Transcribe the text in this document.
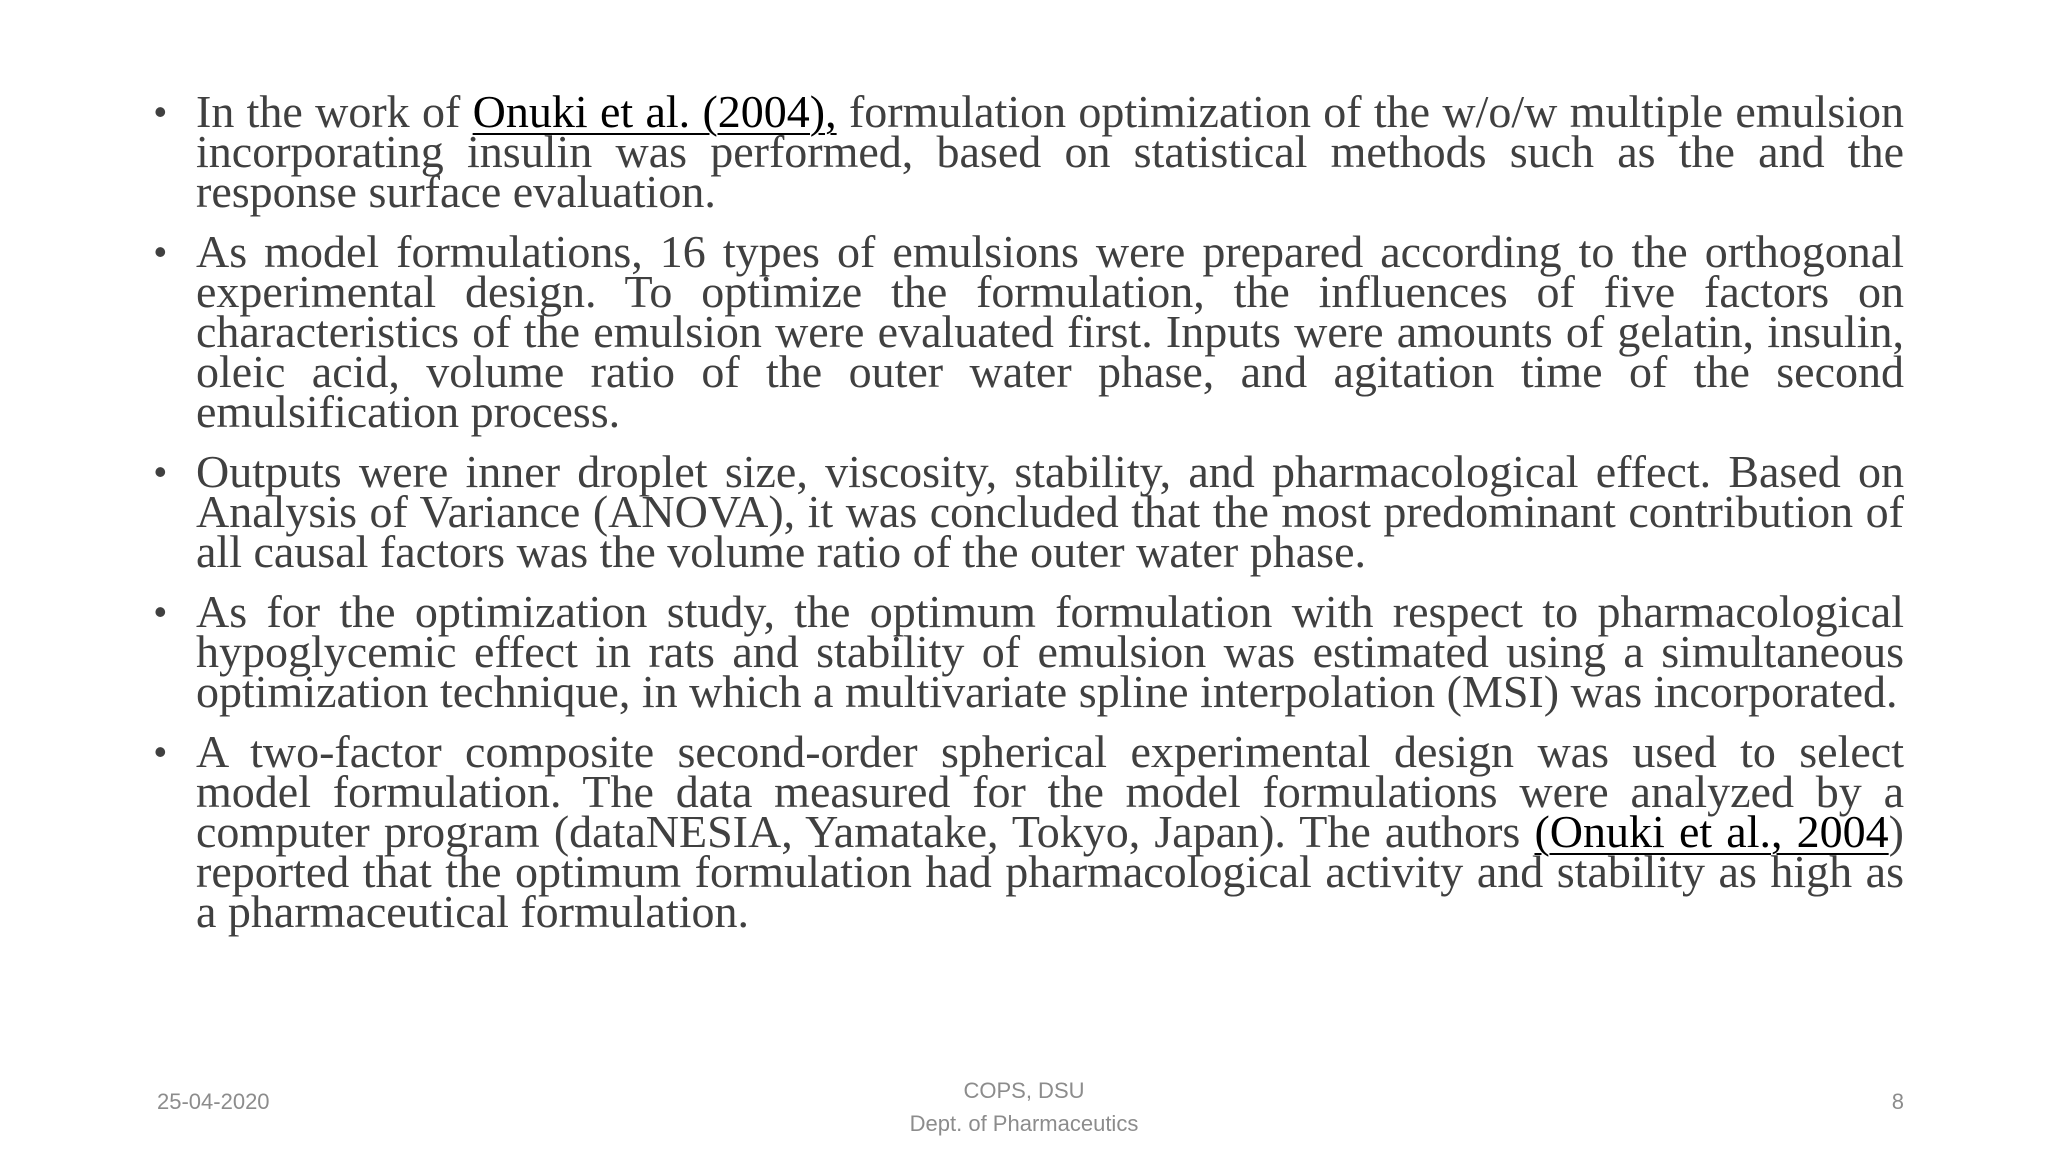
• In the work of Onuki et al. (2004), formulation optimization of the w/o/w multiple emulsion incorporating insulin was performed, based on statistical methods such as the and the response surface evaluation.
• As model formulations, 16 types of emulsions were prepared according to the orthogonal experimental design. To optimize the formulation, the influences of five factors on characteristics of the emulsion were evaluated first. Inputs were amounts of gelatin, insulin, oleic acid, volume ratio of the outer water phase, and agitation time of the second emulsification process.
• Outputs were inner droplet size, viscosity, stability, and pharmacological effect. Based on Analysis of Variance (ANOVA), it was concluded that the most predominant contribution of all causal factors was the volume ratio of the outer water phase.
• As for the optimization study, the optimum formulation with respect to pharmacological hypoglycemic effect in rats and stability of emulsion was estimated using a simultaneous optimization technique, in which a multivariate spline interpolation (MSI) was incorporated.
• A two-factor composite second-order spherical experimental design was used to select model formulation. The data measured for the model formulations were analyzed by a computer program (dataNESIA, Yamatake, Tokyo, Japan). The authors (Onuki et al., 2004) reported that the optimum formulation had pharmacological activity and stability as high as a pharmaceutical formulation.
25-04-2020	COPS, DSU
Dept. of Pharmaceutics
8
